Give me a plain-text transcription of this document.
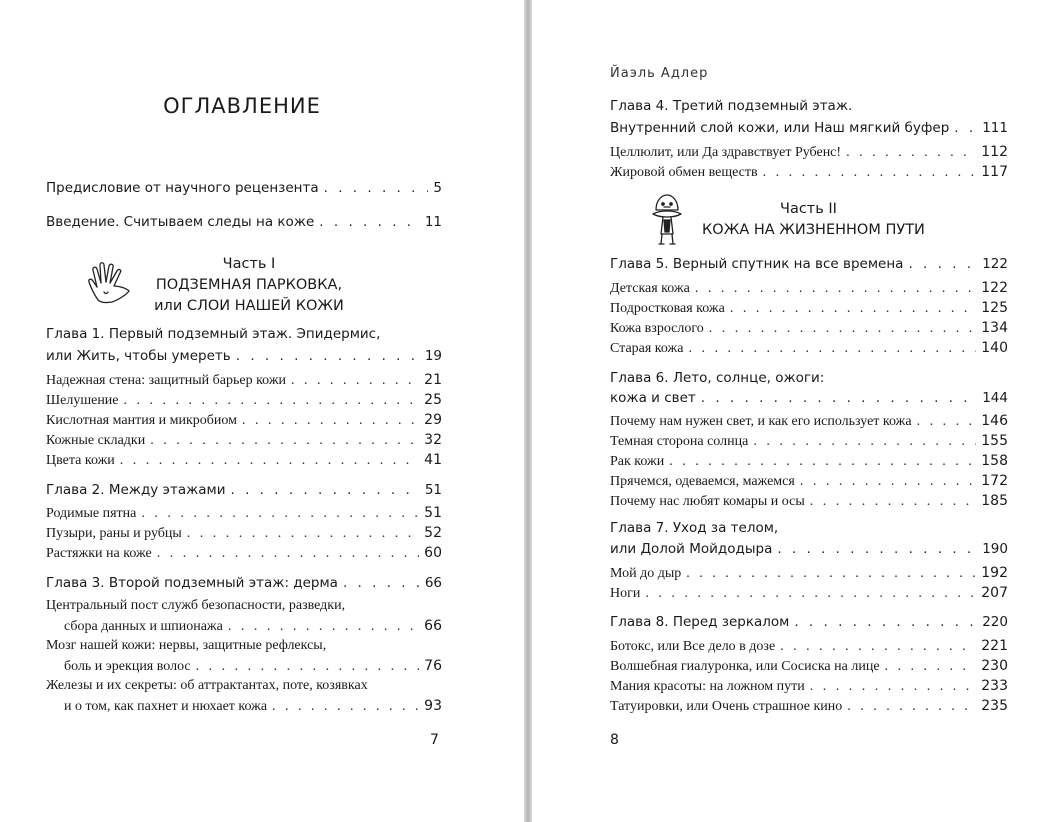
ОГЛАВЛЕНИЕ
Предисловие от научного рецензента . . .	5
Введение. Считываем следы на коже . . .	11
Часть I
ПОДЗЕМНАЯ ПАРКОВКА,
или СЛОИ НАШЕЙ КОЖИ
Глава 1. Первый подземный этаж. Эпидермис,
или Жить, чтобы умереть . . .	19
Надежная стена: защитный барьер кожи . . .	21
Шелушение . . .	25
Кислотная мантия и микробиом . . .	29
Кожные складки . . .	32
Цвета кожи . . .	41
Глава 2. Между этажами . . .	51
Родимые пятна . . .	51
Пузыри, раны и рубцы . . .	52
Растяжки на коже . . .	60
Глава 3. Второй подземный этаж: дерма . . .	66
Центральный пост служб безопасности, разведки,
сбора данных и шпионажа . . .	66
Мозг нашей кожи: нервы, защитные рефлексы,
боль и эрекция волос . . .	76
Железы и их секреты: об аттрактантах, поте, козявках
и о том, как пахнет и нюхает кожа . . .	93
7
Йаэль Адлер
Глава 4. Третий подземный этаж.
Внутренний слой кожи, или Наш мягкий буфер . . . 111
Целлюлит, или Да здравствует Рубенс! . . .	112
Жировой обмен веществ . . .	117
Часть II
КОЖА НА ЖИЗНЕННОМ ПУТИ
Глава 5. Верный спутник на все времена . . .	122
Детская кожа . . .	122
Подростковая кожа . . .	125
Кожа взрослого . . .	134
Старая кожа . . .	140
Глава 6. Лето, солнце, ожоги:
кожа и свет . . .	144
Почему нам нужен свет, и как его использует кожа . . .	146
Темная сторона солнца . . .	155
Рак кожи . . .	158
Прячемся, одеваемся, мажемся . . .	172
Почему нас любят комары и осы . . .	185
Глава 7. Уход за телом,
или Долой Мойдодыра . . .	190
Мой до дыр . . .	192
Ноги . . .	207
Глава 8. Перед зеркалом . . .	220
Ботокс, или Все дело в дозе . . .	221
Волшебная гиалуронка, или Сосиска на лице . . .	230
Мания красоты: на ложном пути . . .	233
Татуировки, или Очень страшное кино . . .	235
8
